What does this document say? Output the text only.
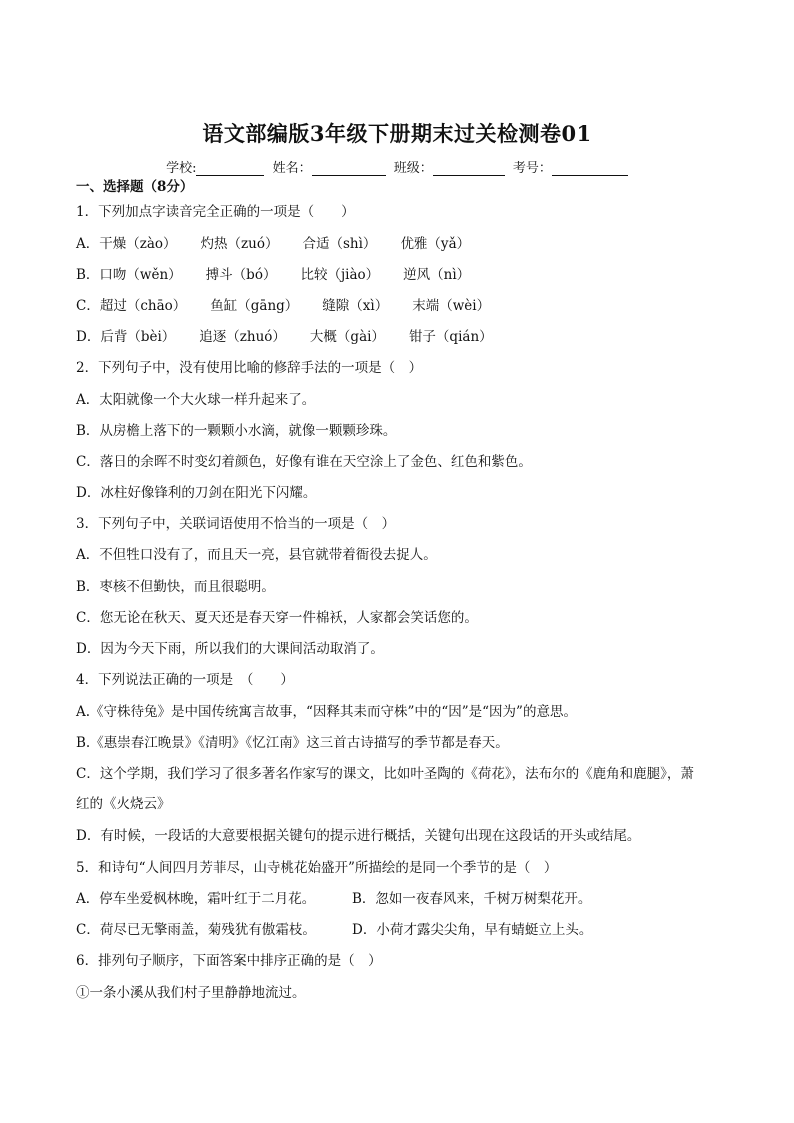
语文部编版3年级下册期末过关检测卷01
学校:	姓名：	班级：	考号：
一、选择题（8分）
1．下列加点字读音完全正确的一项是（　　）
A．干燥（zào） 灼热（zuó） 合适（shì） 优雅（yǎ）
B．口吻（wěn） 搏斗（bó） 比较（jiào） 逆风（nì）
C．超过（chāo） 鱼缸（gāng） 缝隙（xì） 末端（wèi）
D．后背（bèi） 追逐（zhuó） 大概（gài） 钳子（qián）
2．下列句子中，没有使用比喻的修辞手法的一项是（　）
A．太阳就像一个大火球一样升起来了。
B．从房檐上落下的一颗颗小水滴，就像一颗颗珍珠。
C．落日的余晖不时变幻着颜色，好像有谁在天空涂上了金色、红色和紫色。
D．冰柱好像锋利的刀剑在阳光下闪耀。
3．下列句子中，关联词语使用不恰当的一项是（　）
A．不但牲口没有了，而且天一亮，县官就带着衙役去捉人。
B．枣核不但勤快，而且很聪明。
C．您无论在秋天、夏天还是春天穿一件棉袄，人家都会笑话您的。
D．因为今天下雨，所以我们的大课间活动取消了。
4．下列说法正确的一项是　（　　）
A.《守株待兔》是中国传统寓言故事，“因释其耒而守株”中的“因”是“因为”的意思。
B.《惠崇春江晚景》《清明》《忆江南》这三首古诗描写的季节都是春天。
C．这个学期，我们学习了很多著名作家写的课文，比如叶圣陶的《荷花》，法布尔的《鹿角和鹿腿》，萧
红的《火烧云》
D．有时候，一段话的大意要根据关键句的提示进行概括，关键句出现在这段话的开头或结尾。
5．和诗句“人间四月芳菲尽，山寺桃花始盛开”所描绘的是同一个季节的是（　）
A．停车坐爱枫林晚，霜叶红于二月花。	B．忽如一夜春风来，千树万树梨花开。
C．荷尽已无擎雨盖，菊残犹有傲霜枝。	D．小荷才露尖尖角，早有蜻蜓立上头。
6．排列句子顺序，下面答案中排序正确的是（　）
①一条小溪从我们村子里静静地流过。
